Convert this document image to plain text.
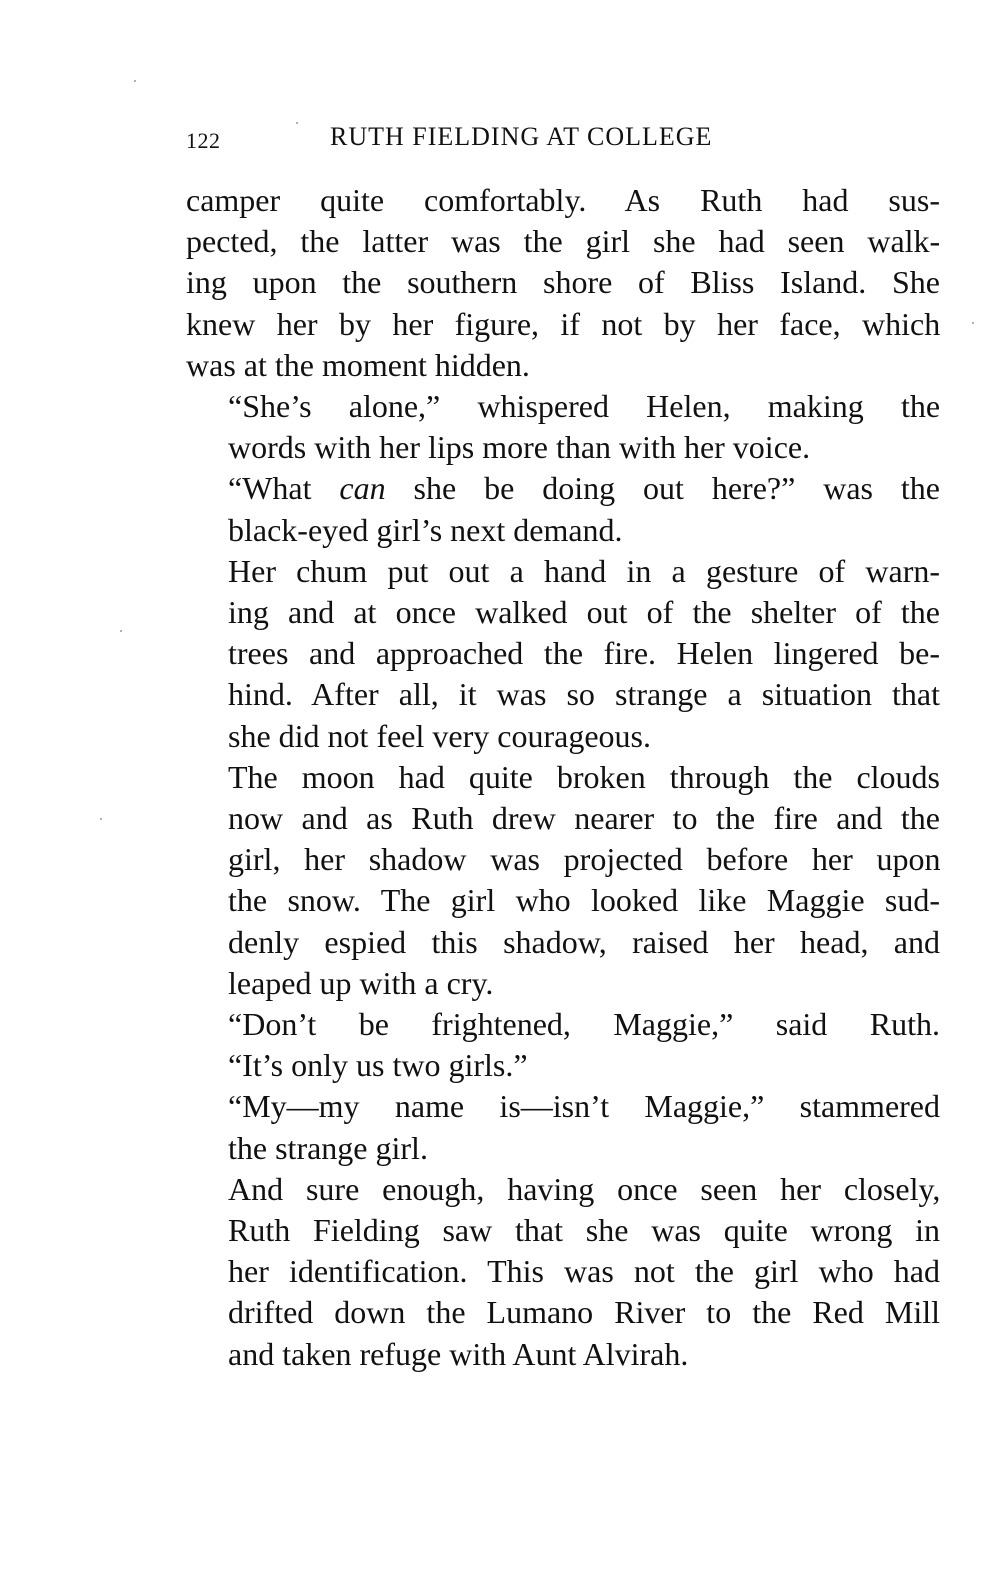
122	RUTH FIELDING AT COLLEGE
camper quite comfortably. As Ruth had sus-
pected, the latter was the girl she had seen walk-
ing upon the southern shore of Bliss Island. She
knew her by her figure, if not by her face, which
was at the moment hidden.
“She’s alone,” whispered Helen, making the
words with her lips more than with her voice.
“What can she be doing out here?” was the
black-eyed girl’s next demand.
Her chum put out a hand in a gesture of warn-
ing and at once walked out of the shelter of the
trees and approached the fire. Helen lingered be-
hind. After all, it was so strange a situation that
she did not feel very courageous.
The moon had quite broken through the clouds
now and as Ruth drew nearer to the fire and the
girl, her shadow was projected before her upon
the snow. The girl who looked like Maggie sud-
denly espied this shadow, raised her head, and
leaped up with a cry.
“Don’t be frightened, Maggie,” said Ruth.
“It’s only us two girls.”
“My—my name is—isn’t Maggie,” stammered
the strange girl.
And sure enough, having once seen her closely,
Ruth Fielding saw that she was quite wrong in
her identification. This was not the girl who had
drifted down the Lumano River to the Red Mill
and taken refuge with Aunt Alvirah.
